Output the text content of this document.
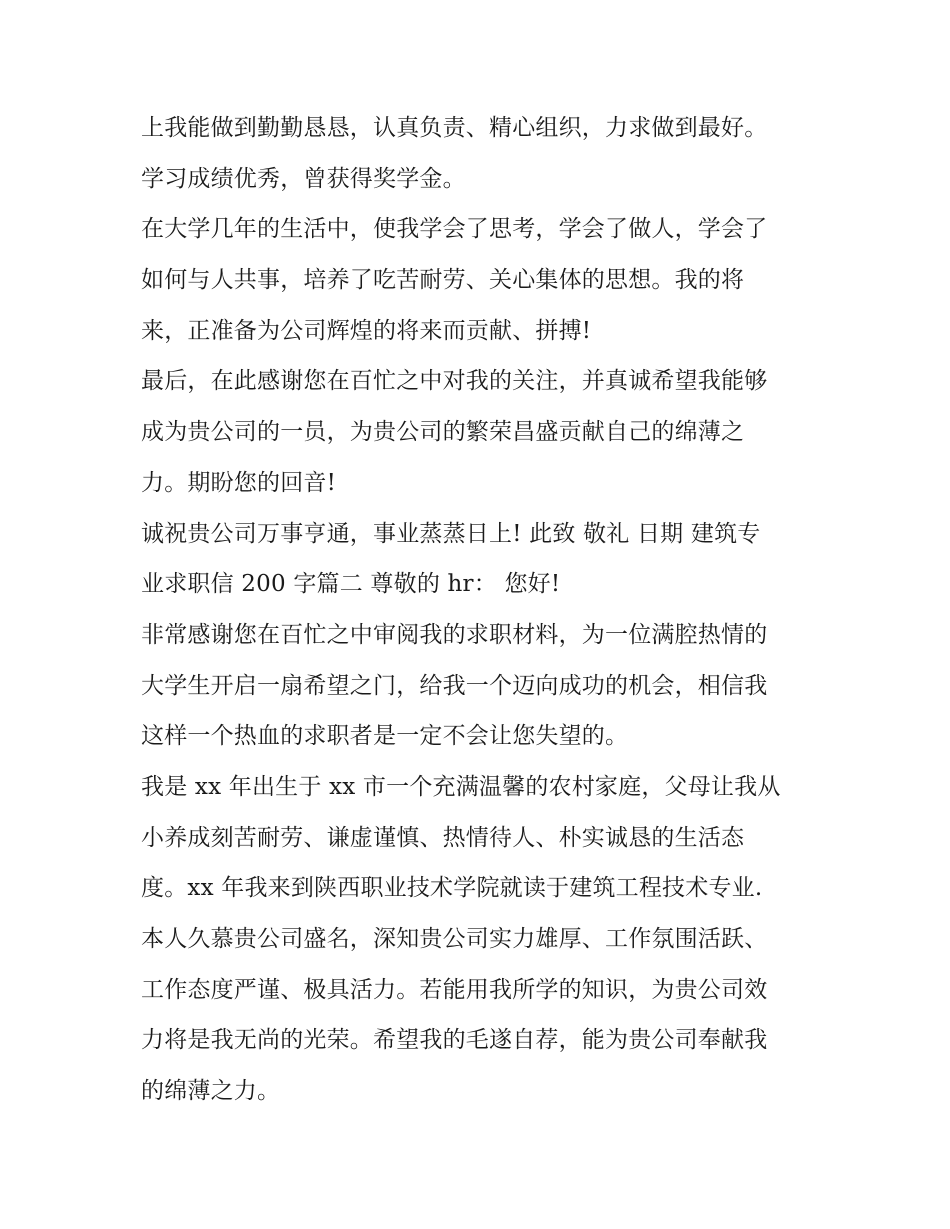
上我能做到勤勤恳恳，认真负责、精心组织，力求做到最好。
学习成绩优秀，曾获得奖学金。
在大学几年的生活中，使我学会了思考，学会了做人，学会了
如何与人共事，培养了吃苦耐劳、关心集体的思想。我的将
来，正准备为公司辉煌的将来而贡献、拼搏!
最后，在此感谢您在百忙之中对我的关注，并真诚希望我能够
成为贵公司的一员，为贵公司的繁荣昌盛贡献自己的绵薄之
力。期盼您的回音!
诚祝贵公司万事亨通，事业蒸蒸日上! 此致 敬礼 日期 建筑专
业求职信 200 字篇二 尊敬的 hr： 您好!
非常感谢您在百忙之中审阅我的求职材料，为一位满腔热情的
大学生开启一扇希望之门，给我一个迈向成功的机会，相信我
这样一个热血的求职者是一定不会让您失望的。
我是 xx 年出生于 xx 市一个充满温馨的农村家庭，父母让我从
小养成刻苦耐劳、谦虚谨慎、热情待人、朴实诚恳的生活态
度。xx 年我来到陕西职业技术学院就读于建筑工程技术专业.
本人久慕贵公司盛名，深知贵公司实力雄厚、工作氛围活跃、
工作态度严谨、极具活力。若能用我所学的知识，为贵公司效
力将是我无尚的光荣。希望我的毛遂自荐，能为贵公司奉献我
的绵薄之力。
